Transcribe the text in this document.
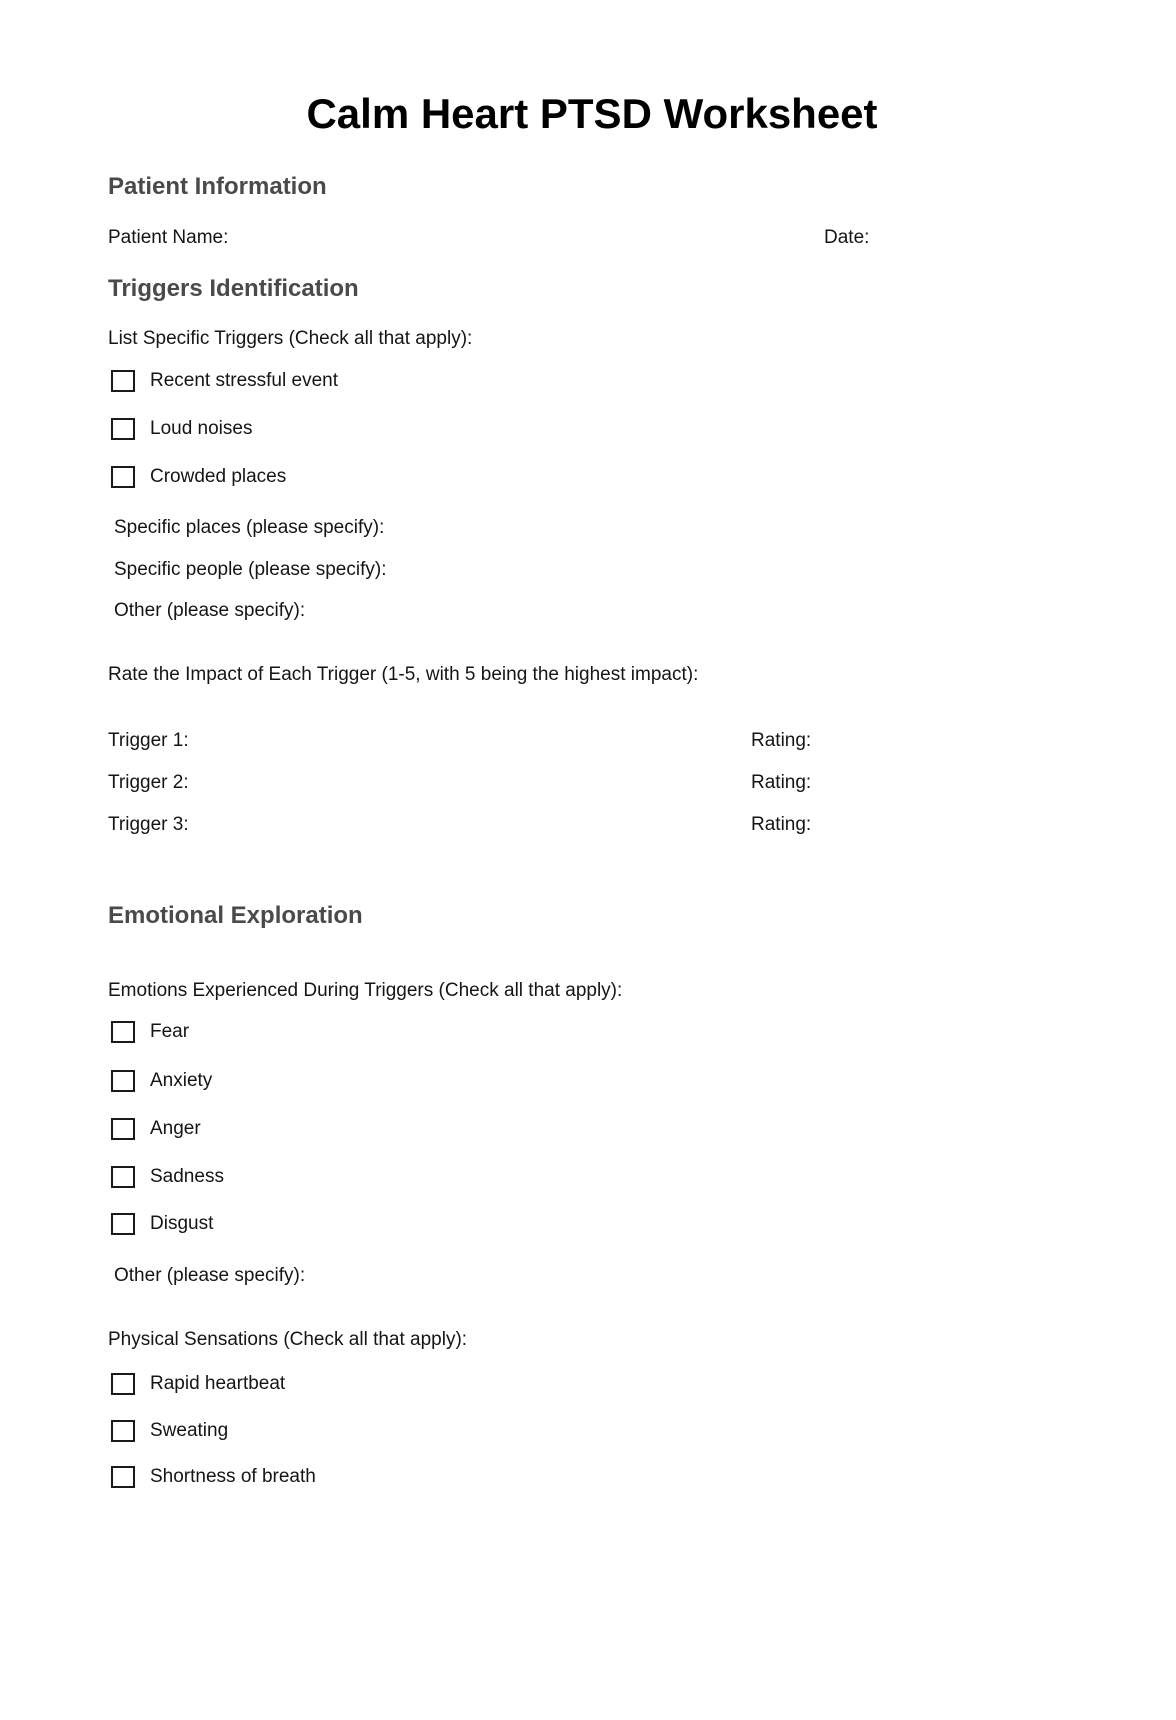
Calm Heart PTSD Worksheet
Patient Information
Patient Name:	Date:
Triggers Identification

List Specific Triggers (Check all that apply):

Recent stressful event
Loud noises
Crowded places

Specific places (please specify):

Specific people (please specify):

Other (please specify):

Rate the Impact of Each Trigger (1-5, with 5 being the highest impact):

Trigger 1:	Rating:
Trigger 2:	Rating:
Trigger 3:	Rating:
Emotional Exploration

Emotions Experienced During Triggers (Check all that apply):

Fear
Anxiety
Anger
Sadness
Disgust

Other (please specify):

Physical Sensations (Check all that apply):

Rapid heartbeat
Sweating
Shortness of breath
